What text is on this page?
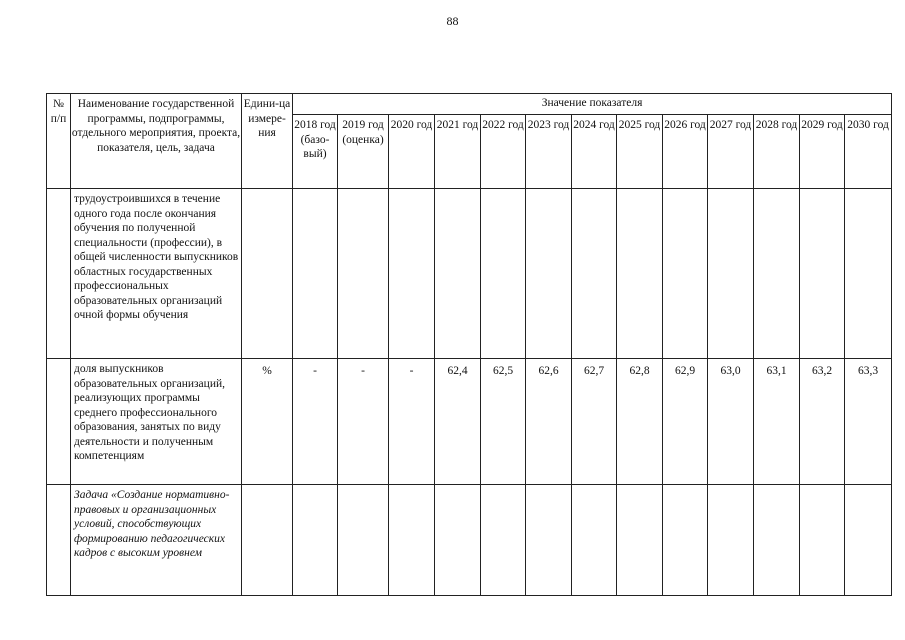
88
№ п/п	Наименование государственной программы, подпрограммы, отдельного мероприятия, проекта, показателя, цель, задача	Едини-ца измере-ния	Значение показателя												
			2018 год (базо-вый)	2019 год (оценка)	2020 год	2021 год	2022 год	2023 год	2024 год	2025 год	2026 год	2027 год	2028 год	2029 год	2030 год
	трудоустроившихся в течение одного года после окончания обучения по полученной специальности (профессии), в общей численности выпускников областных государственных профессиональных образовательных организаций очной формы обучения														
	доля выпускников образовательных организаций, реализующих программы среднего профессионального образования, занятых по виду деятельности и полученным компетенциям	%	-	-	-	62,4	62,5	62,6	62,7	62,8	62,9	63,0	63,1	63,2	63,3
	Задача «Создание нормативно-правовых и организационных условий, способствующих формированию педагогических кадров с высоким уровнем														
